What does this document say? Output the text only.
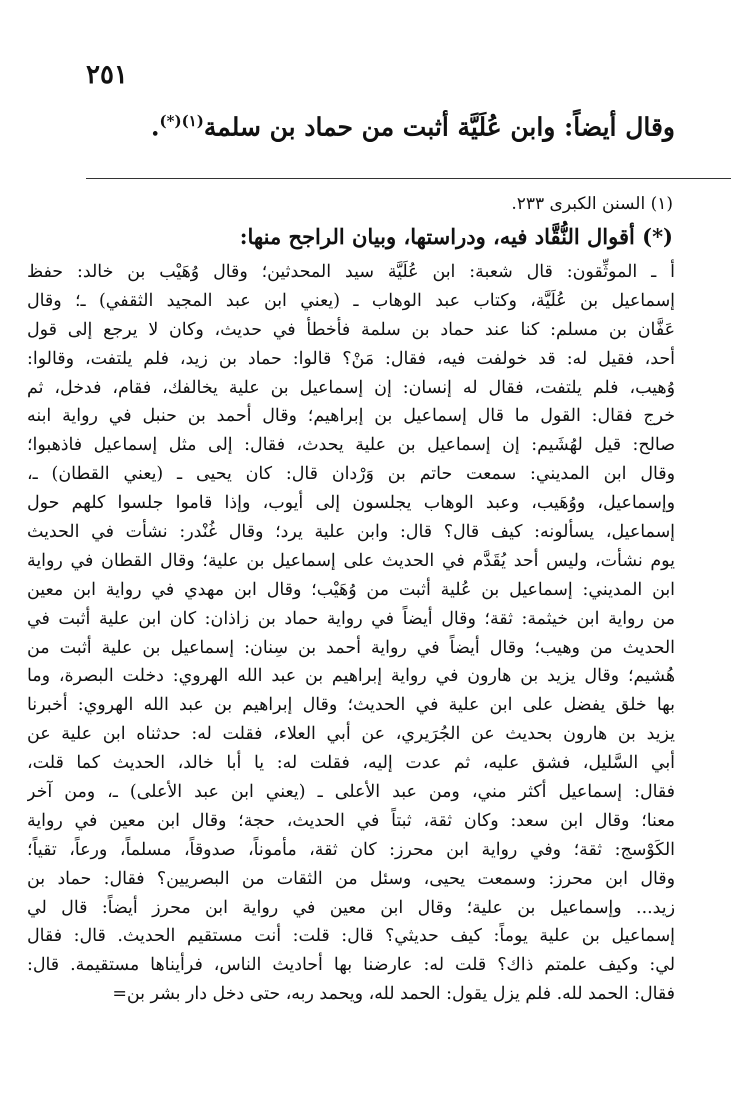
٢٥١
وقال أيضاً: وابن عُلَيَّة أثبت من حماد بن سلمة$^{(١)(*)}$.
(١) السنن الكبرى ٢٣٣.
(*) أقوال النُّقَّاد فيه، ودراستها، وبيان الراجح منها:
أ ـ الموثِّقون: قال شعبة: ابن عُلَيَّة سيد المحدثين؛ وقال وُهَيْب بن خالد: حفظ
إسماعيل بن عُلَيَّة، وكتاب عبد الوهاب ـ (يعني ابن عبد المجيد الثقفي) ـ؛ وقال
عَفَّان بن مسلم: كنا عند حماد بن سلمة فأخطأ في حديث، وكان لا يرجع إلى قول
أحد، فقيل له: قد خولفت فيه، فقال: مَنْ؟ قالوا: حماد بن زيد، فلم يلتفت، وقالوا:
وُهيب، فلم يلتفت، فقال له إنسان: إن إسماعيل بن علية يخالفك، فقام، فدخل، ثم
خرج فقال: القول ما قال إسماعيل بن إبراهيم؛ وقال أحمد بن حنبل في رواية ابنه
صالح: قيل لهُشَيم: إن إسماعيل بن علية يحدث، فقال: إلى مثل إسماعيل فاذهبوا؛
وقال ابن المديني: سمعت حاتم بن وَرْدان قال: كان يحيى ـ (يعني القطان) ـ،
وإسماعيل، ووُهَيب، وعبد الوهاب يجلسون إلى أيوب، وإذا قاموا جلسوا كلهم حول
إسماعيل، يسألونه: كيف قال؟ قال: وابن علية يرد؛ وقال غُنْدر: نشأت في الحديث
يوم نشأت، وليس أحد يُقَدَّم في الحديث على إسماعيل بن علية؛ وقال القطان في رواية
ابن المديني: إسماعيل بن عُلية أثبت من وُهَيْب؛ وقال ابن مهدي في رواية ابن معين
من رواية ابن خيثمة: ثقة؛ وقال أيضاً في رواية حماد بن زاذان: كان ابن علية أثبت في
الحديث من وهيب؛ وقال أيضاً في رواية أحمد بن سِنان: إسماعيل بن علية أثبت من
هُشيم؛ وقال يزيد بن هارون في رواية إبراهيم بن عبد الله الهروي: دخلت البصرة، وما
بها خلق يفضل على ابن علية في الحديث؛ وقال إبراهيم بن عبد الله الهروي: أخبرنا
يزيد بن هارون بحديث عن الجُرَيري، عن أبي العلاء، فقلت له: حدثناه ابن علية عن
أبي السَّليل، فشق عليه، ثم عدت إليه، فقلت له: يا أبا خالد، الحديث كما قلت،
فقال: إسماعيل أكثر مني، ومن عبد الأعلى ـ (يعني ابن عبد الأعلى) ـ، ومن آخر
معنا؛ وقال ابن سعد: وكان ثقة، ثبتاً في الحديث، حجة؛ وقال ابن معين في رواية
الكَوْسج: ثقة؛ وفي رواية ابن محرز: كان ثقة، مأموناً، صدوقاً، مسلماً، ورعاً، تقياً؛
وقال ابن محرز: وسمعت يحيى، وسئل من الثقات من البصريين؟ فقال: حماد بن
زيد... وإسماعيل بن علية؛ وقال ابن معين في رواية ابن محرز أيضاً: قال لي
إسماعيل بن علية يوماً: كيف حديثي؟ قال: قلت: أنت مستقيم الحديث. قال: فقال
لي: وكيف علمتم ذاك؟ قلت له: عارضنا بها أحاديث الناس، فرأيناها مستقيمة. قال:
فقال: الحمد لله. فلم يزل يقول: الحمد لله، ويحمد ربه، حتى دخل دار بشر بن=
